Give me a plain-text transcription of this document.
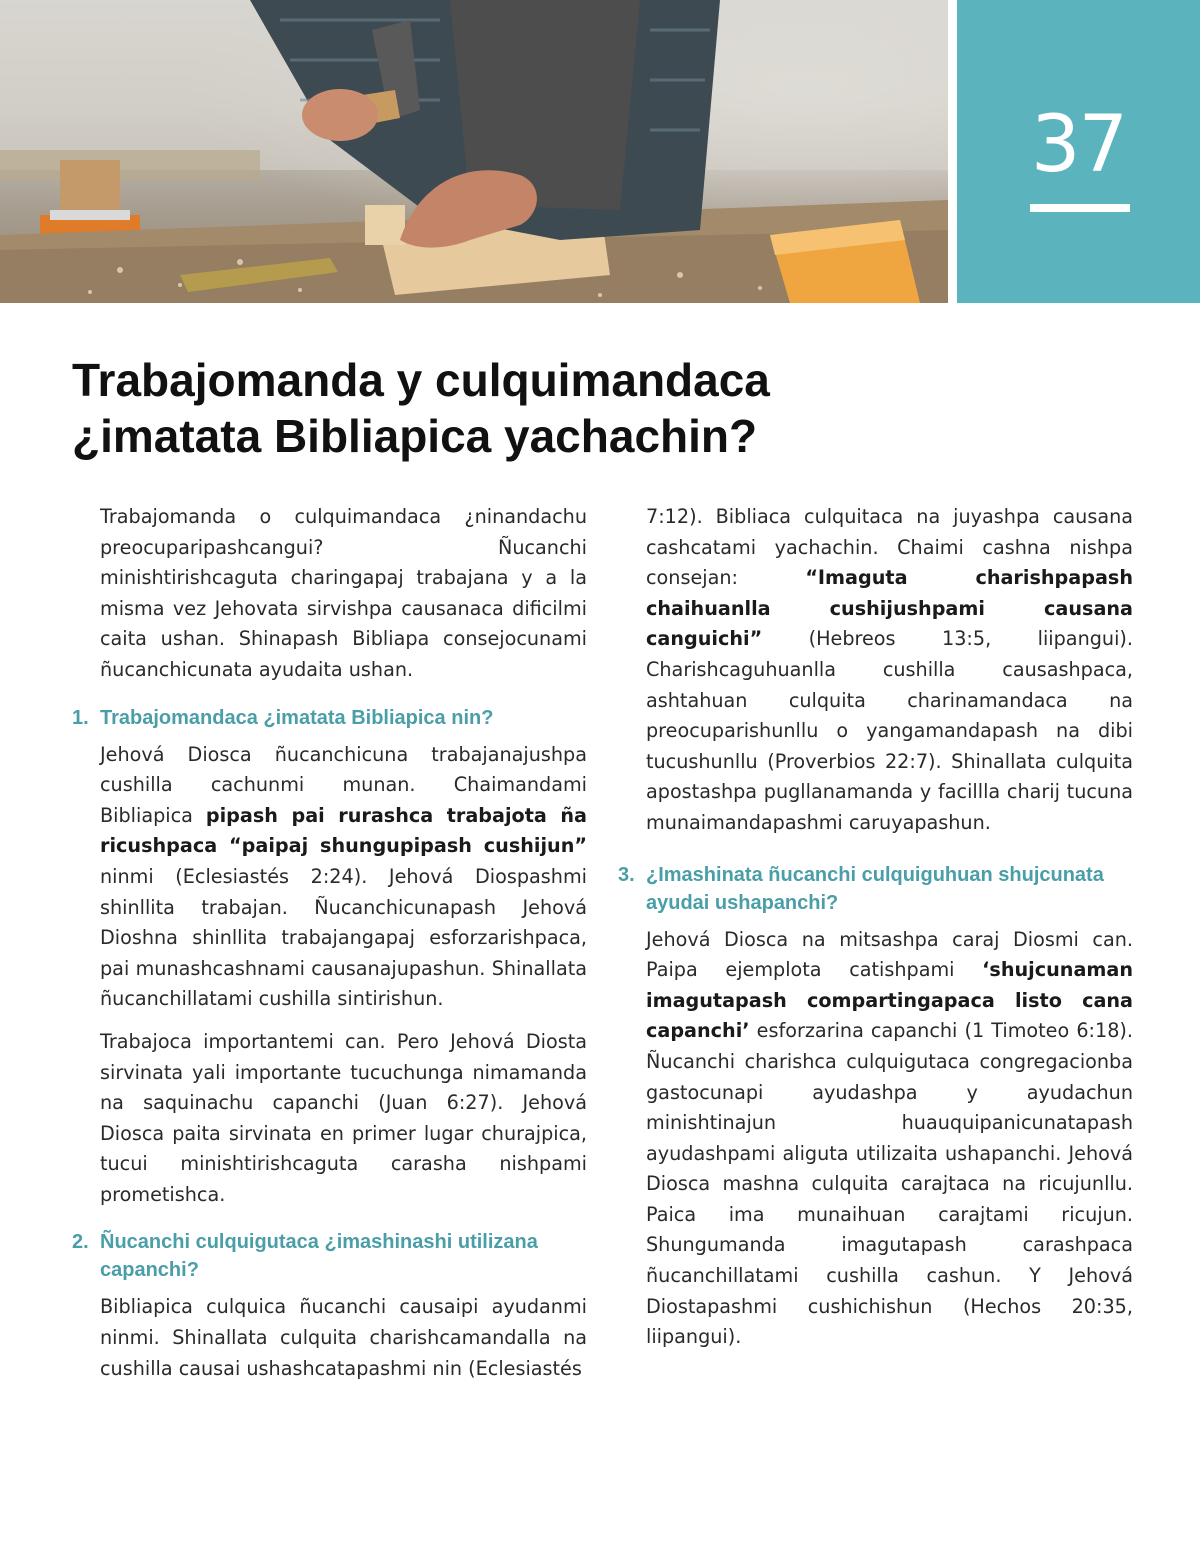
37
Trabajomanda y culquimandaca
¿imatata Bibliapica yachachin?

Trabajomanda o culquimandaca ¿ninandachu preocuparipashcangui? Ñucanchi minishtirishcaguta charingapaj trabajana y a la misma vez Jehovata sirvishpa causanaca dificilmi caita ushan. Shinapash Bibliapa consejocunami ñucanchicunata ayudaita ushan.

1. Trabajomandaca ¿imatata Bibliapica nin?

Jehová Diosca ñucanchicuna trabajanajushpa cushilla cachunmi munan. Chaimandami Bibliapica pipash pai rurashca trabajota ña ricushpaca “paipaj shungupipash cushijun” ninmi (Eclesiastés 2:24). Jehová Diospashmi shinllita trabajan. Ñucanchicunapash Jehová Dioshna shinllita trabajangapaj esforzarishpaca, pai munashcashnami causanajupashun. Shinallata ñucanchillatami cushilla sintirishun.

Trabajoca importantemi can. Pero Jehová Diosta sirvinata yali importante tucuchunga nimamanda na saquinachu capanchi (Juan 6:27). Jehová Diosca paita sirvinata en primer lugar churajpica, tucui minishtirishcaguta carasha nishpami prometishca.

2. Ñucanchi culquigutaca ¿imashinashi utilizana capanchi?

Bibliapica culquica ñucanchi causaipi ayudanmi ninmi. Shinallata culquita charishcamandalla na cushilla causai ushashcatapashmi nin (Eclesiastés

7:12). Bibliaca culquitaca na juyashpa causana cashcatami yachachin. Chaimi cashna nishpa consejan: “Imaguta charishpapash chaihuanlla cushijushpami causana canguichi” (Hebreos 13:5, liipangui). Charishcaguhuanlla cushilla causashpaca, ashtahuan culquita charinamandaca na preocuparishunllu o yangamandapash na dibi tucushunllu (Proverbios 22:7). Shinallata culquita apostashpa pugllanamanda y facillla charij tucuna munaimandapashmi caruyapashun.

3. ¿Imashinata ñucanchi culquiguhuan shujcunata ayudai ushapanchi?

Jehová Diosca na mitsashpa caraj Diosmi can. Paipa ejemplota catishpami ‘shujcunaman imagutapash compartingapaca listo cana capanchi’ esforzarina capanchi (1 Timoteo 6:18). Ñucanchi charishca culquigutaca congregacionba gastocunapi ayudashpa y ayudachun minishtinajun huauquipanicunatapash ayudashpami aliguta utilizaita ushapanchi. Jehová Diosca mashna culquita carajtaca na ricujunllu. Paica ima munaihuan carajtami ricujun. Shungumanda imagutapash carashpaca ñucanchillatami cushilla cashun. Y Jehová Diostapashmi cushichishun (Hechos 20:35, liipangui).
